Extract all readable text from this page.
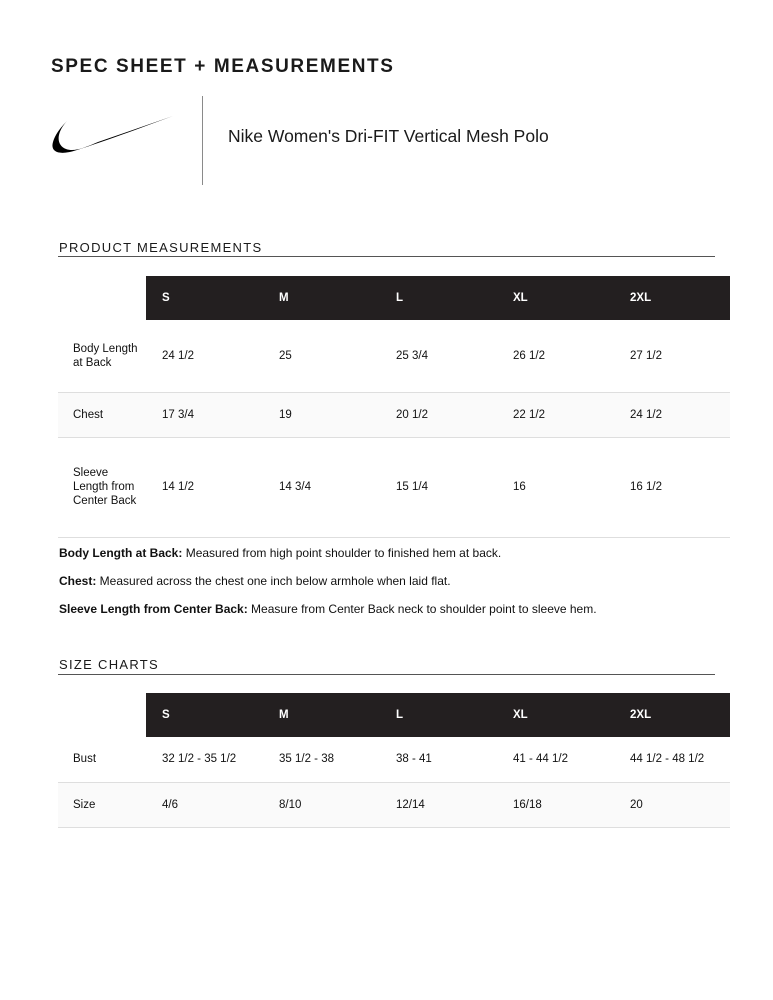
SPEC SHEET + MEASUREMENTS
Nike Women's Dri-FIT Vertical Mesh Polo
PRODUCT MEASUREMENTS
	S	M	L	XL	2XL
Body Length at Back	24 1/2	25	25 3/4	26 1/2	27 1/2
Chest	17 3/4	19	20 1/2	22 1/2	24 1/2
Sleeve Length from Center Back	14 1/2	14 3/4	15 1/4	16	16 1/2

Body Length at Back: Measured from high point shoulder to finished hem at back.

Chest: Measured across the chest one inch below armhole when laid flat.

Sleeve Length from Center Back: Measure from Center Back neck to shoulder point to sleeve hem.

SIZE CHARTS
	S	M	L	XL	2XL
Bust	32 1/2 - 35 1/2	35 1/2 - 38	38 - 41	41 - 44 1/2	44 1/2 - 48 1/2
Size	4/6	8/10	12/14	16/18	20
